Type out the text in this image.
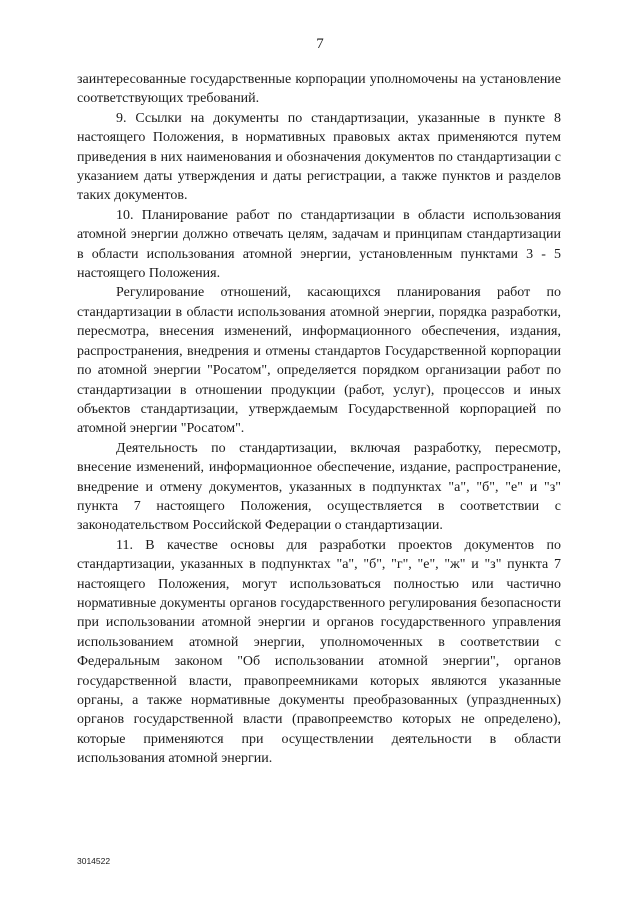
7

заинтересованные государственные корпорации уполномочены на установление соответствующих требований.

9. Ссылки на документы по стандартизации, указанные в пункте 8 настоящего Положения, в нормативных правовых актах применяются путем приведения в них наименования и обозначения документов по стандартизации с указанием даты утверждения и даты регистрации, а также пунктов и разделов таких документов.

10. Планирование работ по стандартизации в области использования атомной энергии должно отвечать целям, задачам и принципам стандартизации в области использования атомной энергии, установленным пунктами 3 - 5 настоящего Положения.

Регулирование отношений, касающихся планирования работ по стандартизации в области использования атомной энергии, порядка разработки, пересмотра, внесения изменений, информационного обеспечения, издания, распространения, внедрения и отмены стандартов Государственной корпорации по атомной энергии "Росатом", определяется порядком организации работ по стандартизации в отношении продукции (работ, услуг), процессов и иных объектов стандартизации, утверждаемым Государственной корпорацией по атомной энергии "Росатом".

Деятельность по стандартизации, включая разработку, пересмотр, внесение изменений, информационное обеспечение, издание, распространение, внедрение и отмену документов, указанных в подпунктах "а", "б", "е" и "з" пункта 7 настоящего Положения, осуществляется в соответствии с законодательством Российской Федерации о стандартизации.

11. В качестве основы для разработки проектов документов по стандартизации, указанных в подпунктах "а", "б", "г", "е", "ж" и "з" пункта 7 настоящего Положения, могут использоваться полностью или частично нормативные документы органов государственного регулирования безопасности при использовании атомной энергии и органов государственного управления использованием атомной энергии, уполномоченных в соответствии с Федеральным законом "Об использовании атомной энергии", органов государственной власти, правопреемниками которых являются указанные органы, а также нормативные документы преобразованных (упраздненных) органов государственной власти (правопреемство которых не определено), которые применяются при осуществлении деятельности в области использования атомной энергии.

3014522
